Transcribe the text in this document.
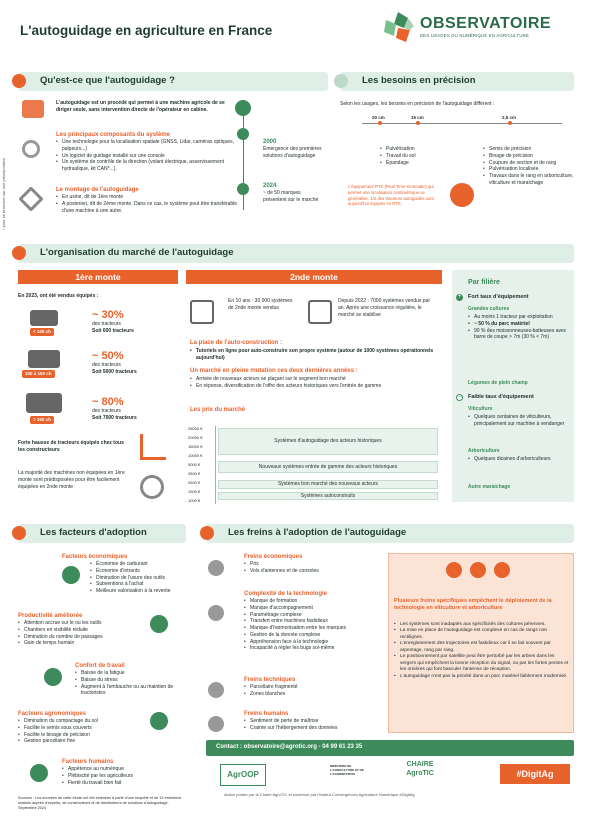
L'autoguidage en agriculture en France	OBSERVATOIRE
DES USAGES DU NUMÉRIQUE EN AGRICULTURE
* pour se brancher sur une prise/position
Qu'est-ce que l'autoguidage ?
L'autoguidage est un procédé qui permet à une machine agricole de se diriger seule, sans intervention directe de l'opérateur en cabine.
Les principaux composants du système
• Une technologie pour la localisation spatiale (GNSS, Lidar, caméras optiques, palpeurs...)
• Un logiciel de guidage installé sur une console
• Un système de contrôle de la direction (volant électrique, asservissement hydraulique, kit CAN*...).
Le montage de l'autoguidage
• En usine, dit de 1ère monte
• A posteriori, dit de 2ème monte. Dans ce cas, le système peut être transférable d'une machine à une autre.
2000
Émergence des premières solutions d'autoguidage
2024
~ de 50 marques présentent sur le marché
Les besoins en précision
Selon les usages, les besoins en précision de l'autoguidage diffèrent :
20 cm	15 cm	2,5 cm
• Pulvérisation
• Travail du sol
• Épandage
• Semis de précision
• Binage de précision
• Coupure de section et de rang
• Pulvérisation localisée
• Travaux dans le rang en arboriculture, viticulture et maraichage
L'équipement RTK (Real Time Kinematic) qui permet une localisation centimétrique se généralise. 1/2 des tracteurs autoguidés sont aujourd'hui équipés en RTK.
L'organisation du marché de l'autoguidage
1ère monte
En 2023, ont été vendus équipés :
< 100 ch
~ 30%
des tracteurs
Soit 600 tracteurs
100 à 150 ch
~ 50%
des tracteurs
Soit 5000 tracteurs
> 150 ch
~ 80%
des tracteurs
Soit 7000 tracteurs
Forte hausse de tracteurs équipés chez tous les constructeurs
La majorité des machines non équipées en 1ère monte sont prédisposées pour être facilement équipées en 2nde monte
2nde monte
En 10 ans : 30 000 systèmes de 2nde monte vendus
Depuis 2022 : 7000 systèmes vendus par an. Après une croissance régulière, le marché se stabilise
La place de l'auto-construction :
• Tutoriels en ligne pour auto-construire son propre système (autour de 1000 systèmes opérationnels aujourd'hui)
Un marché en pleine mutation ces deux dernières années :
• Arrivée de nouveaux acteurs se plaçant sur le segment bon marché
• En réponse, diversification de l'offre des acteurs historiques vers l'entrée de gamme
Les prix du marché
25000 €
20000 €
15000 €
10000 €
5000 €
3500 €
2500 €
1500 €
1000 €
Systèmes d'autoguidage des acteurs historiques
Nouveaux systèmes entrée de gamme des acteurs historiques
Systèmes bon marché des nouveaux acteurs
Systèmes autoconstruits
Par filière
+	Fort taux d'équipement
Grandes cultures
• Au moins 1 tracteur par exploitation
• ~ 50 % du parc matériel
• 90 % des moissonneuses-batteuses avec barre de coupe > 7m (30 % < 7m)
Légumes de plein champ
–	Faible taux d'équipement
Viticulture
• Quelques centaines de viticulteurs, principalement sur machine à vendanger
Arboriculture
• Quelques dizaines d'arboriculteurs
Autre maraichage
Les facteurs d'adoption
Facteurs économiques
• Économie de carburant
• Économie d'intrants
• Diminution de l'usure des outils
• Subventions à l'achat
• Meilleure valorisation à la revente
Productivité améliorée
• Attention accrue sur le ou les outils
• Chantiers en visibilité réduite
• Diminution du nombre de passages
• Gain de temps humain
Confort de travail
• Baisse de la fatigue
• Baisse du stress
• Augment à l'embauche ou au maintien de tractoristes
Facteurs agronomiques
• Diminution du compactage du sol
• Facilite le semis sous couverts
• Facilite le binage de précision
• Gestion parcellaire fine
Facteurs humains
• Appétence au numérique
• Plébiscité par les agriculteurs
• Fierté du travail bien fait
Sources : Les données de cette étude ont été estimées à partir d'une enquête et de 19 entretiens réalisés auprès d'experts, de constructeurs et de distributeurs de solutions d'autoguidage. Septembre 2024
Les freins à l'adoption de l'autoguidage
Freins économiques
• Prix
• Vols d'antennes et de consoles
Complexité de la technologie
• Manque de formation
• Manque d'accompagnement
• Paramétrage complexe
• Transfert entre machines fastidieux
• Manque d'harmonisation entre les marques
• Gestion de la donnée complexe
• Appréhension face à la technologie
• Incapacité à régler les bugs soi-même
Freins techniques
• Parcellaire fragmenté
• Zones blanches
Freins humains
• Sentiment de perte de maîtrise
• Crainte sur l'hébergement des données
Plusieurs freins spécifiques empêchent le déploiement de la technologie en viticulture et arboriculture
• Les systèmes sont inadaptés aux spécificités des cultures pérennes.
• La mise en place de l'autoguidage est complexe en cas de rangs non rectilignes.
• L'enregistrement des trajectoires est fastidieux car il se fait souvent par arpentage, rang par rang.
• Le positionnement par satellite peut être perturbé par les arbres dans les vergers qui empêchent la bonne réception du signal, ou par les fortes pentes et les ornières qui font basculer l'antenne de réception.
• L'autoguidage n'est pas la priorité dans un parc matériel faiblement modernisé.
Contact : observatoire@agrotic.org - 04 99 61 23 35
AgrOOP
MINISTÈRE DE L'AGRICULTURE ET DE L'ALIMENTATION
CHAIRE AgroTIC	#DigitAg
Action portée par la Chaire AgroTIC et soutenue par l'Institut Convergences Agriculture Numérique #DigitAg
